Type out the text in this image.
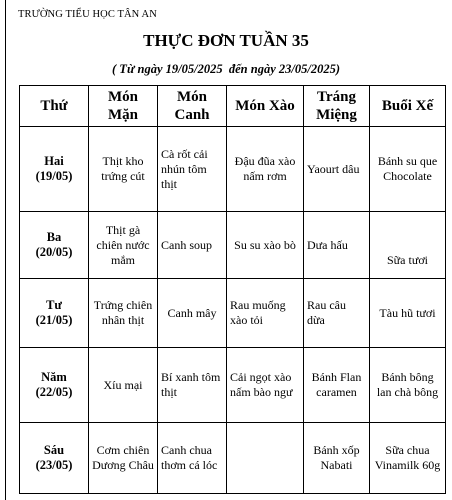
TRƯỜNG TIỂU HỌC TÂN AN
THỰC ĐƠN TUẦN 35
( Từ ngày 19/05/2025  đến ngày 23/05/2025)
Thứ	Món Mặn	Món Canh	Món Xào	Tráng Miệng	Buổi Xế

Hai
(19/05)	Thịt kho trứng cút	Cà rốt cải nhún tôm thịt	Đậu đũa xào nấm rơm	Yaourt dâu	Bánh su que Chocolate

Ba
(20/05)	Thịt gà chiên nước mắm	Canh soup	Su su xào bò	Dưa hấu	Sữa tươi

Tư
(21/05)	Trứng chiên nhân thịt	Canh mây	Rau muống xào tỏi	Rau câu dừa	Tàu hũ tươi

Năm
(22/05)	Xíu mại	Bí xanh tôm thịt	Cải ngọt xào nấm bào ngư	Bánh Flan caramen	Bánh bông lan chà bông

Sáu
(23/05)	Cơm chiên Dương Châu	Canh chua thơm cá lóc		Bánh xốp Nabati	Sữa chua Vinamilk 60g
